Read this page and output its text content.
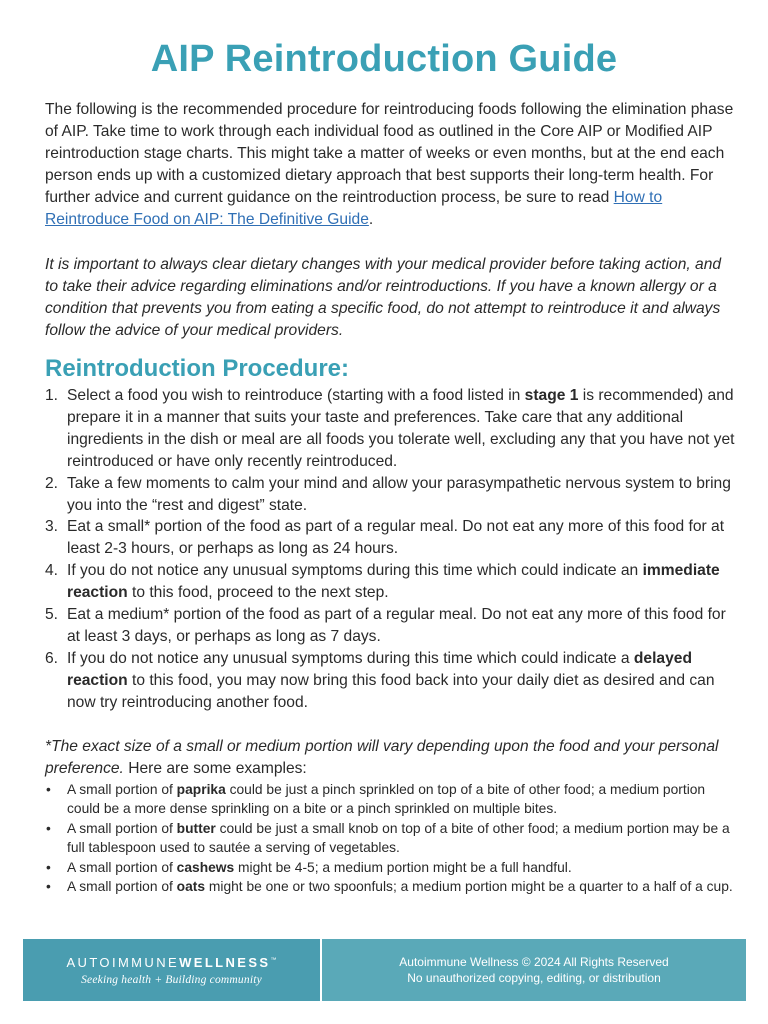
AIP Reintroduction Guide

The following is the recommended procedure for reintroducing foods following the elimination phase of AIP. Take time to work through each individual food as outlined in the Core AIP or Modified AIP reintroduction stage charts. This might take a matter of weeks or even months, but at the end each person ends up with a customized dietary approach that best supports their long-term health. For further advice and current guidance on the reintroduction process, be sure to read How to Reintroduce Food on AIP: The Definitive Guide.

It is important to always clear dietary changes with your medical provider before taking action, and to take their advice regarding eliminations and/or reintroductions. If you have a known allergy or a condition that prevents you from eating a specific food, do not attempt to reintroduce it and always follow the advice of your medical providers.

Reintroduction Procedure:
1. Select a food you wish to reintroduce (starting with a food listed in stage 1 is recommended) and prepare it in a manner that suits your taste and preferences. Take care that any additional ingredients in the dish or meal are all foods you tolerate well, excluding any that you have not yet reintroduced or have only recently reintroduced.
2. Take a few moments to calm your mind and allow your parasympathetic nervous system to bring you into the “rest and digest” state.
3. Eat a small* portion of the food as part of a regular meal. Do not eat any more of this food for at least 2-3 hours, or perhaps as long as 24 hours.
4. If you do not notice any unusual symptoms during this time which could indicate an immediate reaction to this food, proceed to the next step.
5. Eat a medium* portion of the food as part of a regular meal. Do not eat any more of this food for at least 3 days, or perhaps as long as 7 days.
6. If you do not notice any unusual symptoms during this time which could indicate a delayed reaction to this food, you may now bring this food back into your daily diet as desired and can now try reintroducing another food.

*The exact size of a small or medium portion will vary depending upon the food and your personal preference. Here are some examples:

• A small portion of paprika could be just a pinch sprinkled on top of a bite of other food; a medium portion could be a more dense sprinkling on a bite or a pinch sprinkled on multiple bites.
• A small portion of butter could be just a small knob on top of a bite of other food; a medium portion may be a full tablespoon used to sautée a serving of vegetables.
• A small portion of cashews might be 4-5; a medium portion might be a full handful.
• A small portion of oats might be one or two spoonfuls; a medium portion might be a quarter to a half of a cup.
AUTOIMMUNEWELLNESS™
Seeking health + Building community
Autoimmune Wellness © 2024 All Rights Reserved
No unauthorized copying, editing, or distribution
